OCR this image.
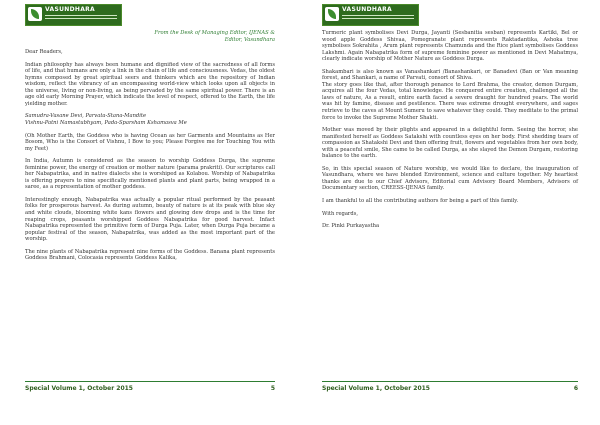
VASUNDHARA

From the Desk of Managing Editor, IJENAS &
Editor, Vasundhara

Dear Readers,

Indian philosophy has always been humane and dignified view of the sacredness of all forms of life, and that humans are only a link in the chain of life and consciousness. Vedas, the oldest hymns composed by great spiritual seers and thinkers which are the repository of Indian wisdom, reflect the vibrancy of an encompassing world-view which looks upon all objects in the universe, living or non-living, as being pervaded by the same spiritual power. There is an age old early Morning Prayer, which indicate the level of respect, offered to the Earth, the life yielding mother.

Samudra-Vasane Devi, Parvata-Stana-Mandite
Vishnu-Patni Namastubhyam, Pada-Sparsham Kshamasva Me

(Oh Mother Earth, the Goddess who is having Ocean as her Garments and Mountains as Her Bosom, Who is the Consort of Vishnu, I Bow to you; Please Forgive me for Touching You with my Feet)

In India, Autumn is considered as the season to worship Goddess Durga, the supreme feminine power, the energy of creation or mother nature (parama prakriti). Our scriptures call her Nabapatrika, and in native dialects she is worshiped as Kolabou. Worship of Nabapatrika is offering prayers to nine specifically mentioned plants and plant parts, being wrapped in a saree, as a representation of mother goddess.

Interestingly enough, Nabapatrika was actually a popular ritual performed by the peasant folks for prosperous harvest. As during autumn, beauty of nature is at its peak with blue sky and white clouds, blooming white kans flowers and glowing dew drops and is the time for reaping crops, peasants worshipped Goddess Nabapatrika for good harvest. Infact Nabapatrika represented the primitive form of Durga Puja. Later, when Durga Puja became a popular festival of the season, Nabapatrika, was added as the most important part of the worship.

The nine plants of Nabapatrika represent nine forms of the Goddess. Banana plant represents Goddess Brahmani, Colocasia represents Goddess Kalika,

Special Volume 1, October 2015	5

Turmeric plant symbolises Devi Durga, Jayanti (Sesbanitia sesban) represents Kartiki, Bel or wood apple Goddess Shivaa, Pomegranate plant represents Raktadantika, Ashoka tree symbolises Sokrahita , Arum plant represents Chamunda and the Rice plant symbolises Goddess Lakshmi. Again Nabapatrika form of supreme feminine power as mentioned in Devi Mahatmya, clearly indicate worship of Mother Nature as Goddess Durga.

Shakambari is also known as Vanashankari /Banashankari, or Banadevi (Ban or Van meaning forest, and Shankari, a name of Parvati, consort of Shiva.
The story goes like that, after thorough penance to Lord Brahma, the creator, demon Durgam, acquires all the four Vedas, total knowledge. He conquered entire creation, challenged all the laws of nature, As a result, entire earth faced a severe draught for hundred years. The world was hit by famine, disease and pestilence. There was extreme drought everywhere, and sages retrieve to the caves at Mount Sumeru to save whatever they could. They meditate to the primal force to invoke the Supreme Mother Shakti.

Mother was moved by their plights and appeared in a delightful form. Seeing the horror, she manifested herself as Goddess Satakshi with countless eyes on her body. First shedding tears of compassion as Shatakshi Devi and then offering fruit, flowers and vegetables from her own body, with a peaceful smile, She came to be called Durga, as she slayed the Demon Durgam, restoring balance to the earth.

So, in this special season of Nature worship, we would like to declare, the inauguration of Vasundhara, where we have blended Environment, science and culture together. My heartiest thanks are due to our Chief Advisors, Editorial cum Advisory Board Members, Advisors of Documentary section, CREESS-IJENAS family.

I am thankful to all the contributing authors for being a part of this family.

With regards,

Dr. Pinki Purkayastha

Special Volume 1, October 2015	6
VASUNDHARA
